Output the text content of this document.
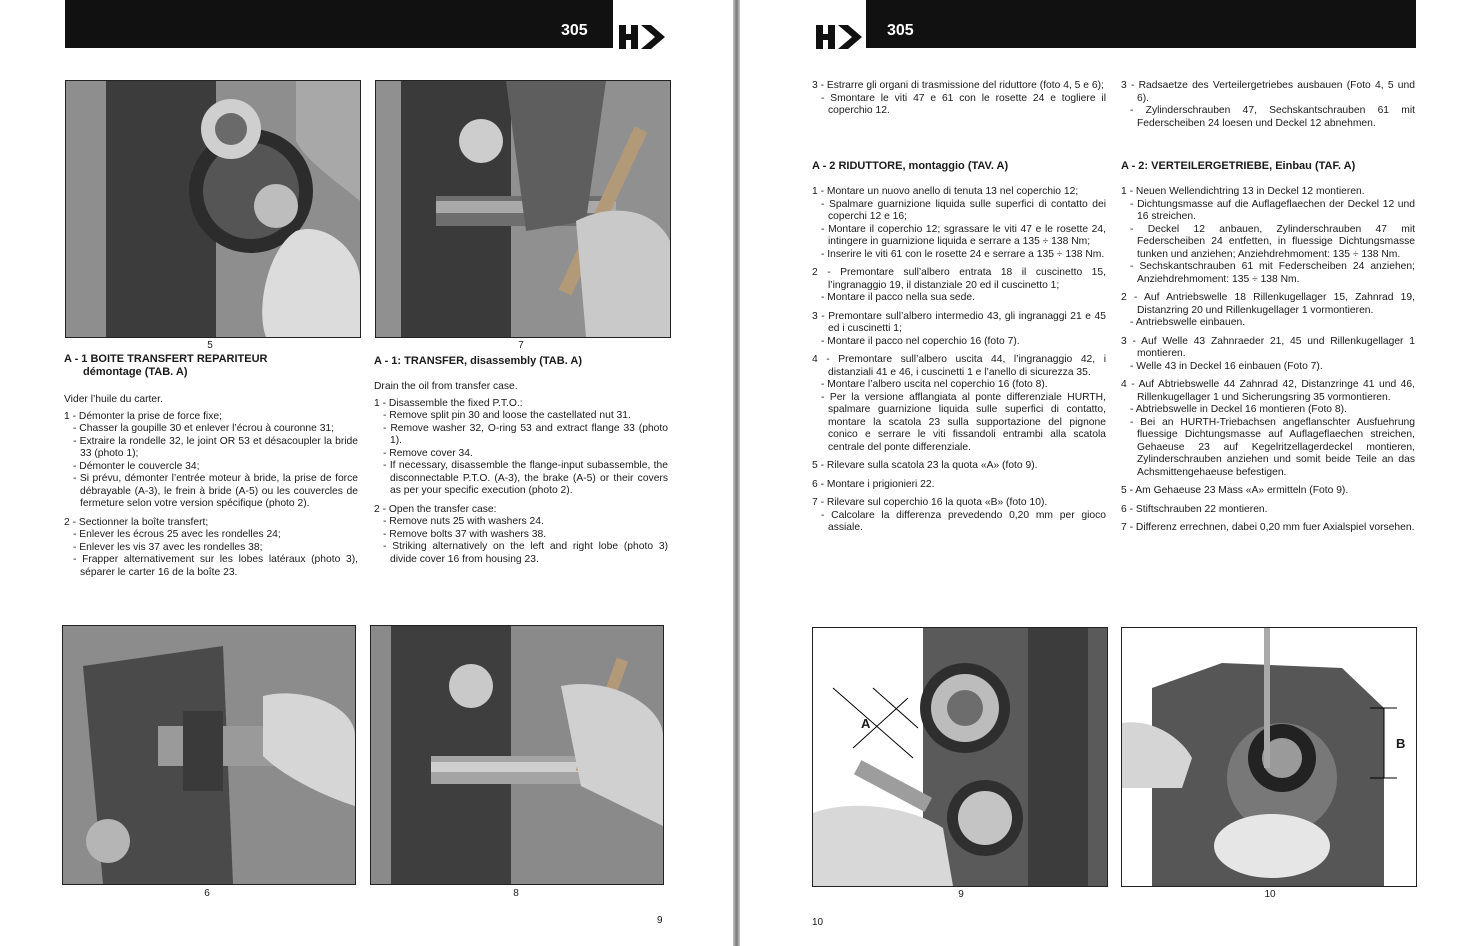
305
5	7
A - 1 BOITE TRANSFERT REPARITEUR
démontage (TAB. A)

Vider l’huile du carter.

1 - Démonter la prise de force fixe;

- Chasser la goupille 30 et enlever l’écrou à couronne 31;

- Extraire la rondelle 32, le joint OR 53 et désacoupler la bride 33 (photo 1);

- Démonter le couvercle 34;

- Si prévu, démonter l’entrée moteur à bride, la prise de force débrayable (A-3), le frein à bride (A-5) ou les couvercles de fermeture selon votre version spécifique (photo 2).

2 - Sectionner la boîte transfert;

- Enlever les écrous 25 avec les rondelles 24;

- Enlever les vis 37 avec les rondelles 38;

- Frapper alternativement sur les lobes latéraux (photo 3), séparer le carter 16 de la boîte 23.

A - 1: TRANSFER, disassembly (TAB. A)

Drain the oil from transfer case.

1 - Disassemble the fixed P.T.O.:

- Remove split pin 30 and loose the castellated nut 31.

- Remove washer 32, O-ring 53 and extract flange 33 (photo 1).

- Remove cover 34.

- If necessary, disassemble the flange-input subassemble, the disconnectable P.T.O. (A-3), the brake (A-5) or their covers as per your specific execution (photo 2).

2 - Open the transfer case:

- Remove nuts 25 with washers 24.

- Remove bolts 37 with washers 38.

- Striking alternatively on the left and right lobe (photo 3) divide cover 16 from housing 23.

6	8
9
305

3 - Estrarre gli organi di trasmissione del riduttore (foto 4, 5 e 6);

- Smontare le viti 47 e 61 con le rosette 24 e togliere il coperchio 12.

A - 2 RIDUTTORE, montaggio (TAV. A)

1 - Montare un nuovo anello di tenuta 13 nel coperchio 12;

- Spalmare guarnizione liquida sulle superfici di contatto dei coperchi 12 e 16;

- Montare il coperchio 12; sgrassare le viti 47 e le rosette 24, intingere in guarnizione liquida e serrare a 135 ÷ 138 Nm;

- Inserire le viti 61 con le rosette 24 e serrare a 135 ÷ 138 Nm.

2 - Premontare sull’albero entrata 18 il cuscinetto 15, l’ingranaggio 19, il distanziale 20 ed il cuscinetto 1;

- Montare il pacco nella sua sede.

3 - Premontare sull’albero intermedio 43, gli ingranaggi 21 e 45 ed i cuscinetti 1;

- Montare il pacco nel coperchio 16 (foto 7).

4 - Premontare sull’albero uscita 44, l’ingranaggio 42, i distanziali 41 e 46, i cuscinetti 1 e l’anello di sicurezza 35.

- Montare l’albero uscita nel coperchio 16 (foto 8).

- Per la versione afflangiata al ponte differenziale HURTH, spalmare guarnizione liquida sulle superfici di contatto, montare la scatola 23 sulla supportazione del pignone conico e serrare le viti fissandoli entrambi alla scatola centrale del ponte differenziale.

5 - Rilevare sulla scatola 23 la quota «A» (foto 9).

6 - Montare i prigionieri 22.

7 - Rilevare sul coperchio 16 la quota «B» (foto 10).

- Calcolare la differenza prevedendo 0,20 mm per gioco assiale.

3 - Radsaetze des Verteilergetriebes ausbauen (Foto 4, 5 und 6).

- Zylinderschrauben 47, Sechskantschrauben 61 mit Federscheiben 24 loesen und Deckel 12 abnehmen.

A - 2: VERTEILERGETRIEBE, Einbau (TAF. A)

1 - Neuen Wellendichtring 13 in Deckel 12 montieren.

- Dichtungsmasse auf die Auflageflaechen der Deckel 12 und 16 streichen.

- Deckel 12 anbauen, Zylinderschrauben 47 mit Federscheiben 24 entfetten, in fluessige Dichtungsmasse tunken und anziehen; Anziehdrehmoment: 135 ÷ 138 Nm.

- Sechskantschrauben 61 mit Federscheiben 24 anziehen; Anziehdrehmoment: 135 ÷ 138 Nm.

2 - Auf Antriebswelle 18 Rillenkugellager 15, Zahnrad 19, Distanzring 20 und Rillenkugellager 1 vormontieren.

- Antriebswelle einbauen.

3 - Auf Welle 43 Zahnraeder 21, 45 und Rillenkugellager 1 montieren.

- Welle 43 in Deckel 16 einbauen (Foto 7).

4 - Auf Abtriebswelle 44 Zahnrad 42, Distanzringe 41 und 46, Rillenkugellager 1 und Sicherungsring 35 vormontieren.

- Abtriebswelle in Deckel 16 montieren (Foto 8).

- Bei an HURTH-Triebachsen angeflanschter Ausfuehrung fluessige Dichtungsmasse auf Auflageflaechen streichen, Gehaeuse 23 auf Kegelritzellagerdeckel montieren, Zylinderschrauben anziehen und somit beide Teile an das Achsmittengehaeuse befestigen.

5 - Am Gehaeuse 23 Mass «A» ermitteln (Foto 9).

6 - Stiftschrauben 22 montieren.

7 - Differenz errechnen, dabei 0,20 mm fuer Axialspiel vorsehen.

A
B
9	10
10
